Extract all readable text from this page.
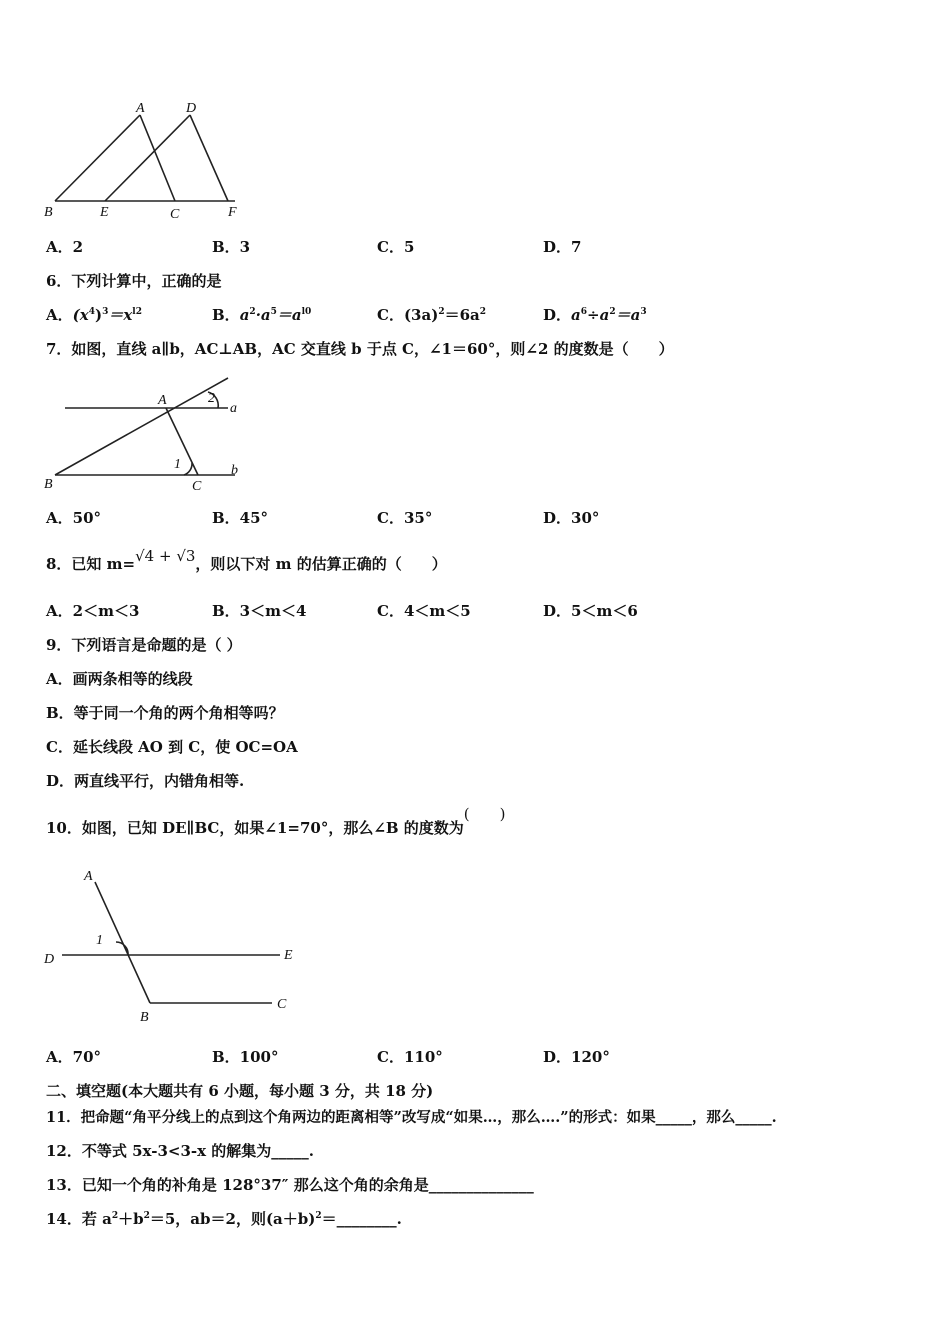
A	D
B	E	C	F
A．2	B．3	C．5	D．7
6．下列计算中，正确的是
A．$(x^4)^3=x^{l2}$	B．$a^2\cdot a^5=a^{l0}$	C．$(3a)^2=6a^2$	D．$a^6\div a^2=a^3$
7．如图，直线 a∥b，AC⊥AB，AC 交直线 b 于点 C，∠1＝60°，则∠2 的度数是（　　）
A	2
a
1
B	C
b
A．50°	B．45°	C．35°	D．30°
8．已知 m=√4 + √3，则以下对 m 的估算正确的（　　）
A．2＜m＜3	B．3＜m＜4	C．4＜m＜5	D．5＜m＜6
9．下列语言是命题的是（ ）
A．画两条相等的线段
B．等于同一个角的两个角相等吗？
C．延长线段 AO 到 C，使 OC=OA
D．两直线平行，内错角相等.
10．如图，已知 DE∥BC，如果∠1=70°，那么∠B 的度数为(　　)
A
1
D	E
B
C
A．70°	B．100°	C．110°	D．120°
二、填空题(本大题共有 6 小题，每小题 3 分，共 18 分)
11．把命题“角平分线上的点到这个角两边的距离相等”改写成“如果…，那么….”的形式：如果_____，那么_____.
12．不等式 5x-3<3-x 的解集为_____.
13．已知一个角的补角是 128°37″ 那么这个角的余角是______________
14．若 $a^2+b^2=5$，ab＝2，则$(a+b)^2=\_\_\_\_\_\_\_\_$.
